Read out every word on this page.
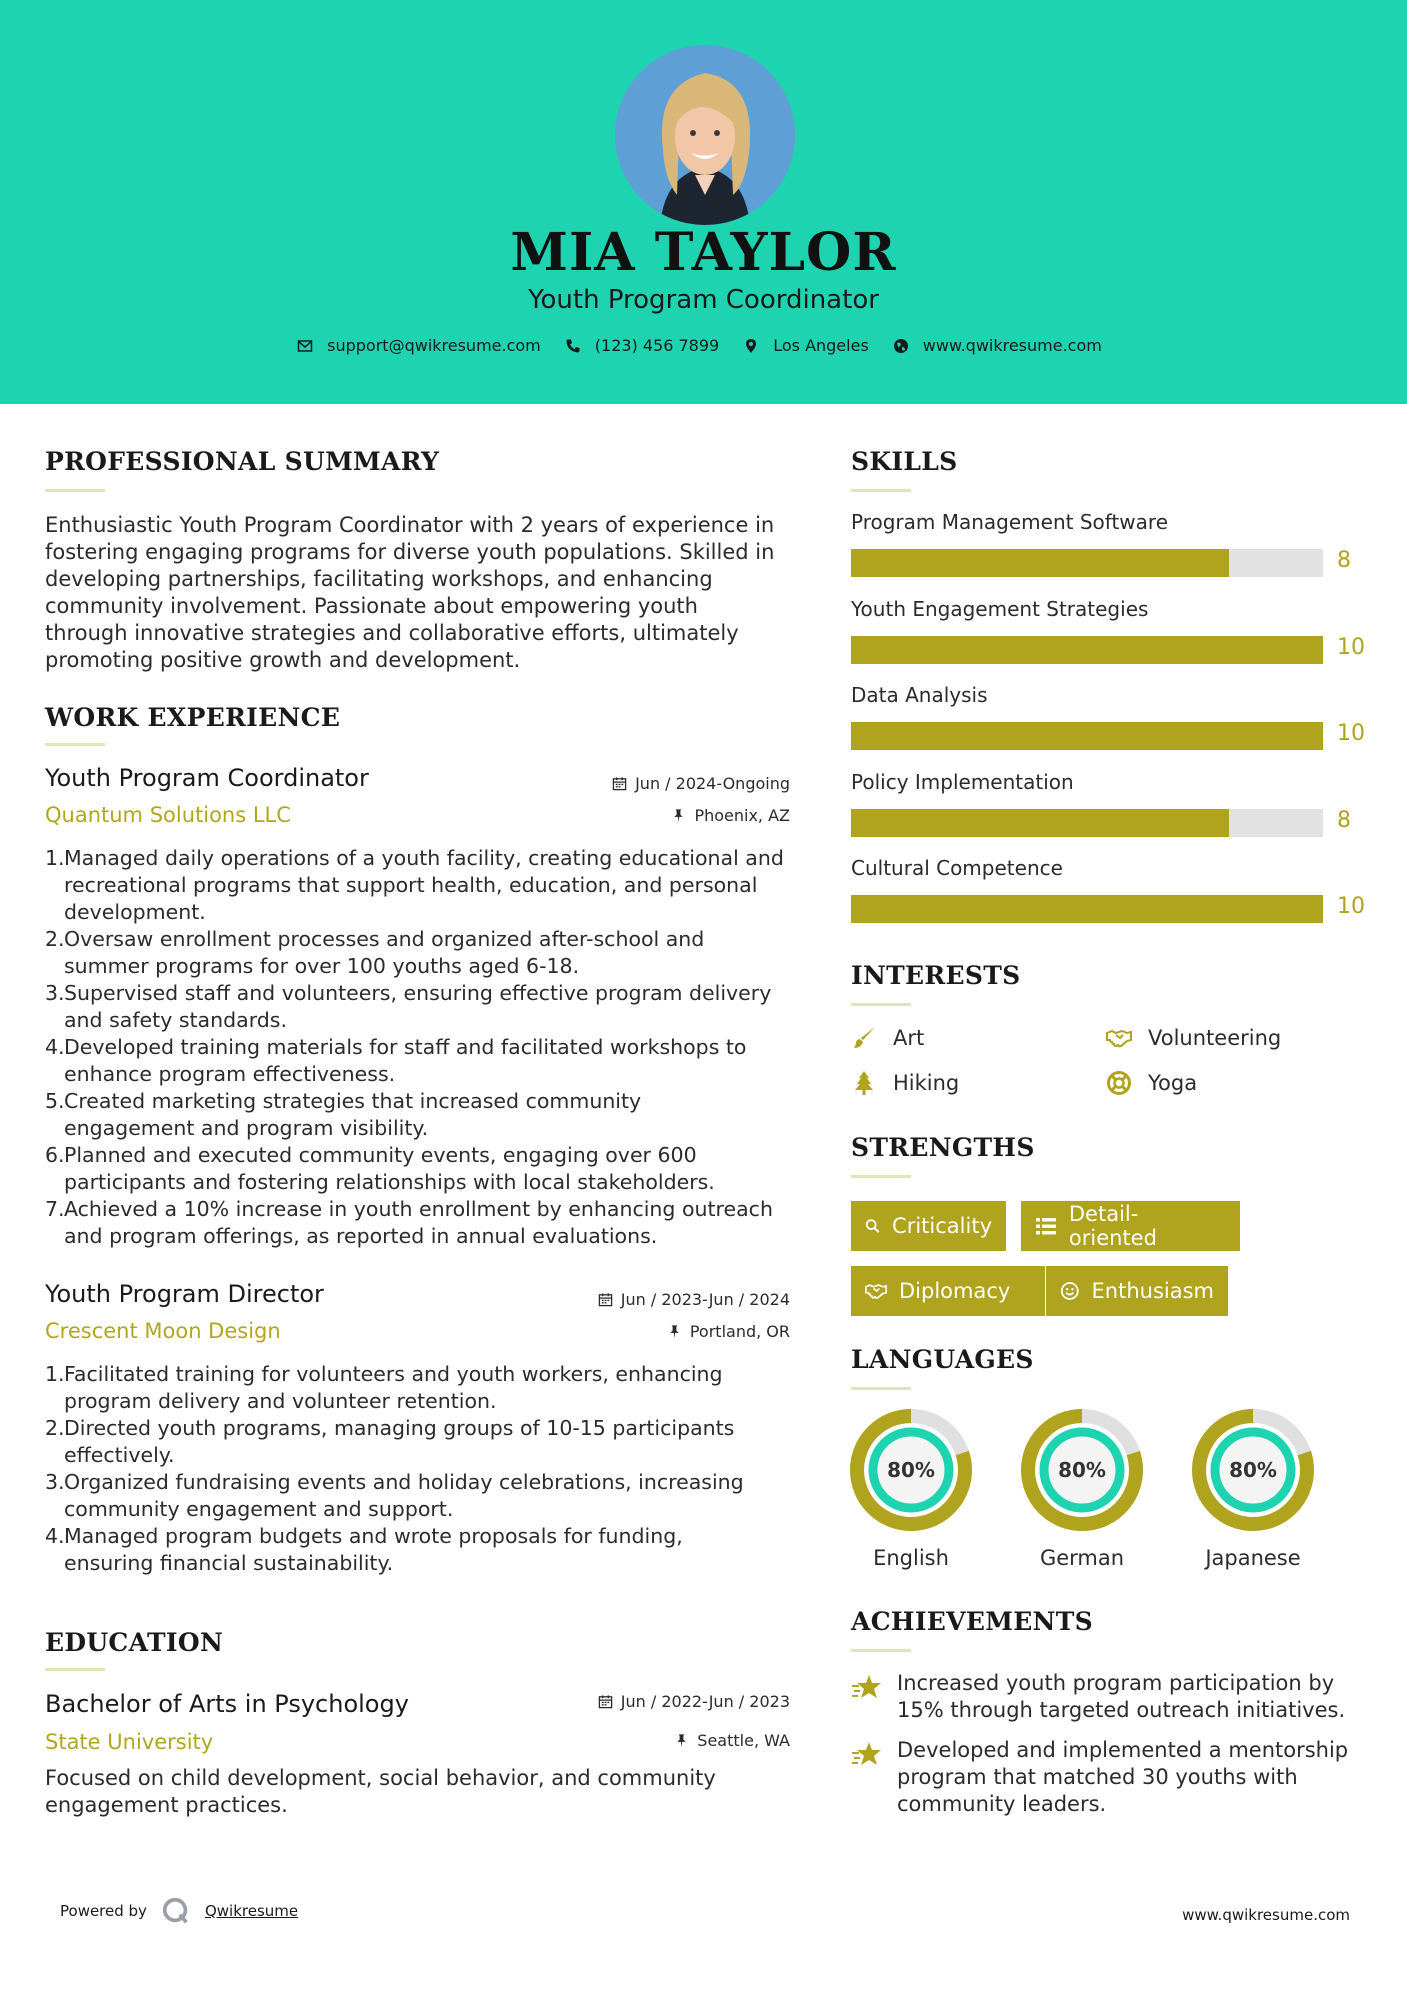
MIA TAYLOR
Youth Program Coordinator
support@qwikresume.com	(123) 456 7899	Los Angeles	www.qwikresume.com
PROFESSIONAL SUMMARY
Enthusiastic Youth Program Coordinator with 2 years of experience in
fostering engaging programs for diverse youth populations. Skilled in
developing partnerships, facilitating workshops, and enhancing
community involvement. Passionate about empowering youth
through innovative strategies and collaborative efforts, ultimately
promoting positive growth and development.
WORK EXPERIENCE
Youth Program Coordinator
Quantum Solutions LLC
Jun / 2024-Ongoing
Phoenix, AZ
1. Managed daily operations of a youth facility, creating educational and
recreational programs that support health, education, and personal
development.
2. Oversaw enrollment processes and organized after-school and
summer programs for over 100 youths aged 6-18.
3. Supervised staff and volunteers, ensuring effective program delivery
and safety standards.
4. Developed training materials for staff and facilitated workshops to
enhance program effectiveness.
5. Created marketing strategies that increased community
engagement and program visibility.
6. Planned and executed community events, engaging over 600
participants and fostering relationships with local stakeholders.
7. Achieved a 10% increase in youth enrollment by enhancing outreach
and program offerings, as reported in annual evaluations.
Youth Program Director
Crescent Moon Design
Jun / 2023-Jun / 2024
Portland, OR
1. Facilitated training for volunteers and youth workers, enhancing
program delivery and volunteer retention.
2. Directed youth programs, managing groups of 10-15 participants
effectively.
3. Organized fundraising events and holiday celebrations, increasing
community engagement and support.
4. Managed program budgets and wrote proposals for funding,
ensuring financial sustainability.
EDUCATION
Bachelor of Arts in Psychology
State University
Jun / 2022-Jun / 2023
Seattle, WA
Focused on child development, social behavior, and community
engagement practices.
SKILLS
Program Management Software
8
Youth Engagement Strategies
10
Data Analysis
10
Policy Implementation
8
Cultural Competence
10
INTERESTS
Art	Volunteering
Hiking	Yoga
STRENGTHS
Criticality	Detail-oriented
Diplomacy	Enthusiasm
LANGUAGES
80%
English
80%
German
80%
Japanese
ACHIEVEMENTS
Increased youth program participation by
15% through targeted outreach initiatives.
Developed and implemented a mentorship
program that matched 30 youths with
community leaders.
Powered by	Qwikresume	www.qwikresume.com
